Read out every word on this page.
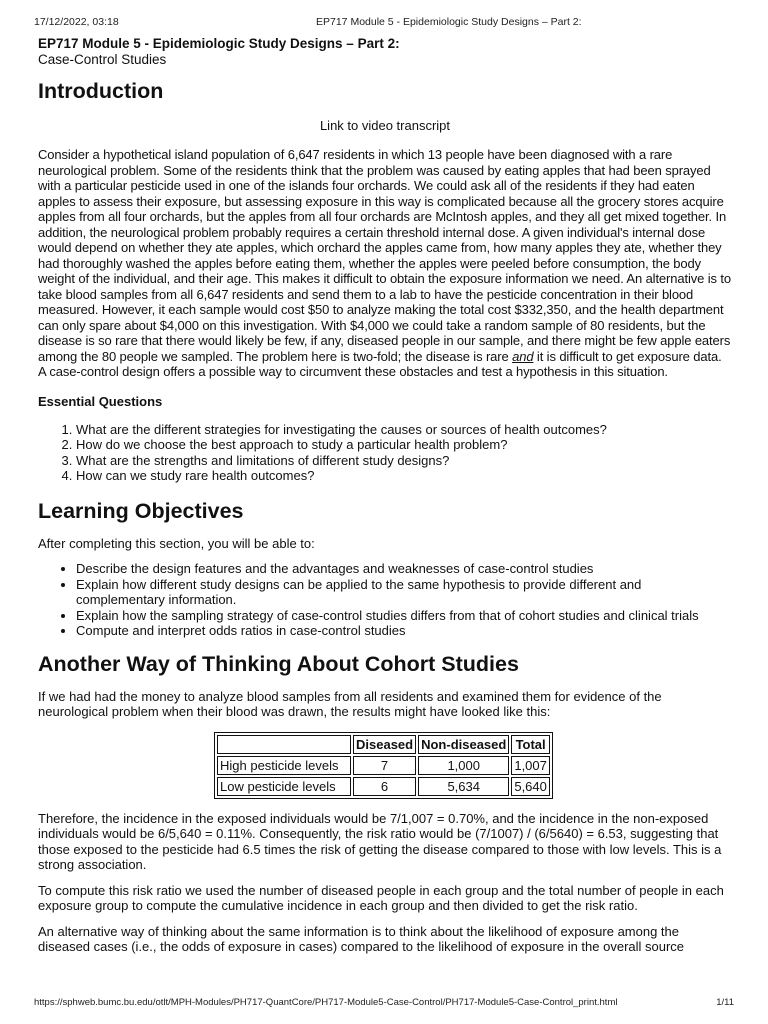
17/12/2022, 03:18	EP717 Module 5 - Epidemiologic Study Designs – Part 2:
EP717 Module 5 - Epidemiologic Study Designs – Part 2:
Case-Control Studies
Introduction
Link to video transcript

Consider a hypothetical island population of 6,647 residents in which 13 people have been diagnosed with a rare neurological problem. Some of the residents think that the problem was caused by eating apples that had been sprayed with a particular pesticide used in one of the islands four orchards. We could ask all of the residents if they had eaten apples to assess their exposure, but assessing exposure in this way is complicated because all the grocery stores acquire apples from all four orchards, but the apples from all four orchards are McIntosh apples, and they all get mixed together. In addition, the neurological problem probably requires a certain threshold internal dose. A given individual's internal dose would depend on whether they ate apples, which orchard the apples came from, how many apples they ate, whether they had thoroughly washed the apples before eating them, whether the apples were peeled before consumption, the body weight of the individual, and their age. This makes it difficult to obtain the exposure information we need. An alternative is to take blood samples from all 6,647 residents and send them to a lab to have the pesticide concentration in their blood measured. However, it each sample would cost $50 to analyze making the total cost $332,350, and the health department can only spare about $4,000 on this investigation. With $4,000 we could take a random sample of 80 residents, but the disease is so rare that there would likely be few, if any, diseased people in our sample, and there might be few apple eaters among the 80 people we sampled. The problem here is two-fold; the disease is rare and it is difficult to get exposure data. A case-control design offers a possible way to circumvent these obstacles and test a hypothesis in this situation.

Essential Questions
1. What are the different strategies for investigating the causes or sources of health outcomes?
2. How do we choose the best approach to study a particular health problem?
3. What are the strengths and limitations of different study designs?
4. How can we study rare health outcomes?
Learning Objectives

After completing this section, you will be able to:

• Describe the design features and the advantages and weaknesses of case-control studies
• Explain how different study designs can be applied to the same hypothesis to provide different and complementary information.
• Explain how the sampling strategy of case-control studies differs from that of cohort studies and clinical trials
• Compute and interpret odds ratios in case-control studies
Another Way of Thinking About Cohort Studies

If we had had the money to analyze blood samples from all residents and examined them for evidence of the neurological problem when their blood was drawn, the results might have looked like this:

	Diseased	Non-diseased	Total
High pesticide levels	7	1,000	1,007
Low pesticide levels	6	5,634	5,640

Therefore, the incidence in the exposed individuals would be 7/1,007 = 0.70%, and the incidence in the non-exposed individuals would be 6/5,640 = 0.11%. Consequently, the risk ratio would be (7/1007) / (6/5640) = 6.53, suggesting that those exposed to the pesticide had 6.5 times the risk of getting the disease compared to those with low levels. This is a strong association.

To compute this risk ratio we used the number of diseased people in each group and the total number of people in each exposure group to compute the cumulative incidence in each group and then divided to get the risk ratio.

An alternative way of thinking about the same information is to think about the likelihood of exposure among the diseased cases (i.e., the odds of exposure in cases) compared to the likelihood of exposure in the overall source

https://sphweb.bumc.bu.edu/otlt/MPH-Modules/PH717-QuantCore/PH717-Module5-Case-Control/PH717-Module5-Case-Control_print.html	1/11
